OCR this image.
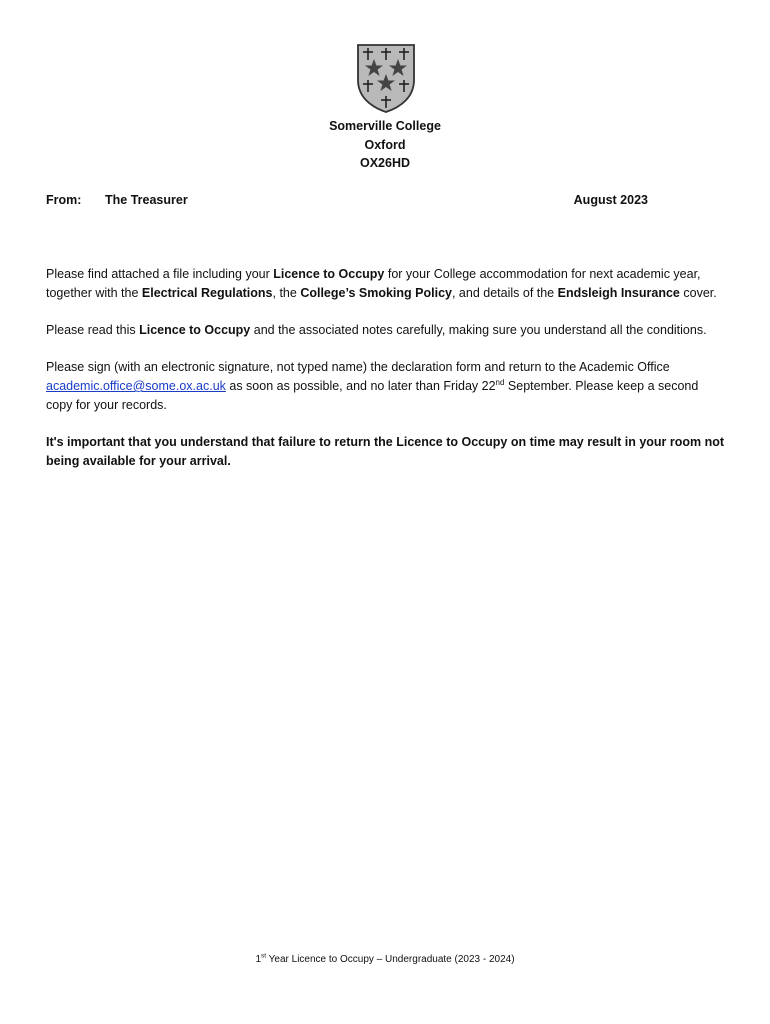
Somerville College
Oxford
OX26HD
From: The Treasurer	August 2023

Please find attached a file including your Licence to Occupy for your College accommodation for next academic year, together with the Electrical Regulations, the College’s Smoking Policy, and details of the Endsleigh Insurance cover.

Please read this Licence to Occupy and the associated notes carefully, making sure you understand all the conditions.

Please sign (with an electronic signature, not typed name) the declaration form and return to the Academic Office academic.office@some.ox.ac.uk as soon as possible, and no later than Friday 22nd September. Please keep a second copy for your records.

It's important that you understand that failure to return the Licence to Occupy on time may result in your room not being available for your arrival.

1st Year Licence to Occupy – Undergraduate (2023 - 2024)
